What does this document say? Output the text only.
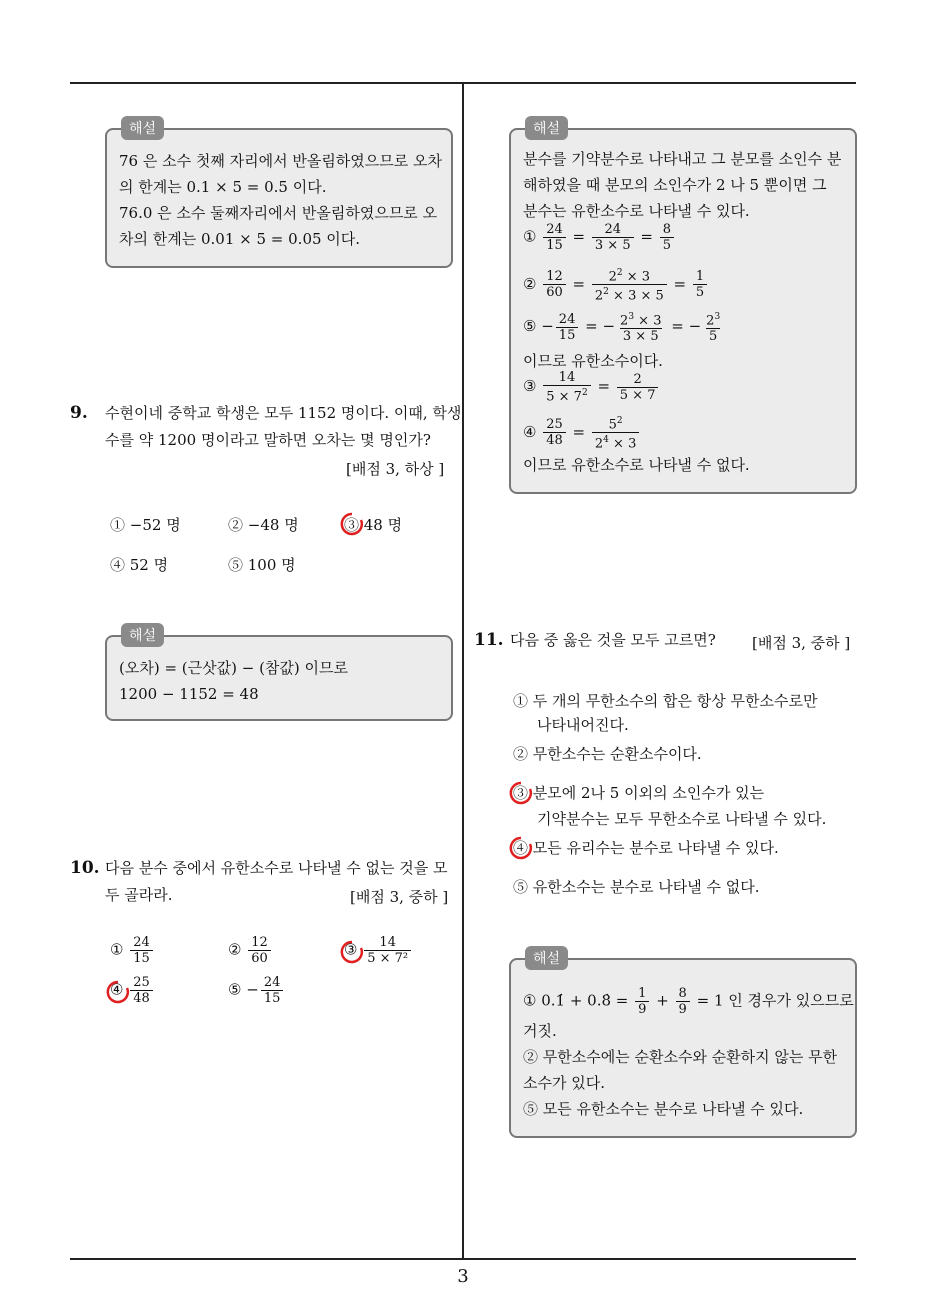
3
해설
76 은 소수 첫째 자리에서 반올림하였으므로 오차
의 한계는 0.1 × 5 = 0.5 이다.
76.0 은 소수 둘째자리에서 반올림하였으므로 오
차의 한계는 0.01 × 5 = 0.05 이다.
9. 수현이네 중학교 학생은 모두 1152 명이다. 이때, 학생
수를 약 1200 명이라고 말하면 오차는 몇 명인가?
[배점 3, 하상 ]
① −52 명	② −48 명	③ 48 명
④ 52 명	⑤ 100 명
해설
(오차) = (근삿값) − (참값) 이므로
1200 − 1152 = 48
10. 다음 분수 중에서 유한소수로 나타낼 수 없는 것을 모
두 골라라.	[배점 3, 중하 ]
① $\frac{24}{15}$	② $\frac{12}{60}$	③ $\frac{14}{\text{5 × 7²}}$
④ $\frac{25}{48}$	⑤ − $\frac{24}{15}$
해설
분수를 기약분수로 나타내고 그 분모를 소인수 분
해하였을 때 분모의 소인수가 2 나 5 뿐이면 그
분수는 유한소수로 나타낼 수 있다.
① $\frac{24}{15} = \frac{24}{3 \times 5} = \frac{8}{5}$
② $\frac{12}{60} = \frac{2^2 \times 3}{2^2 \times 3 \times 5} = \frac{1}{5}$
⑤ − $\frac{24}{15}$ = − $\frac{2^3 \times 3}{3 \times 5}$ = − $\frac{2^3}{5}$
이므로 유한소수이다.
③ $\frac{14}{5 \times 7^2} = \frac{2}{5 \times 7}$
④ $\frac{25}{48} = \frac{5^2}{2^4 \times 3}$
이므로 유한소수로 나타낼 수 없다.
11. 다음 중 옳은 것을 모두 고르면? [배점 3, 중하 ]
① 두 개의 무한소수의 합은 항상 무한소수로만
나타내어진다.
② 무한소수는 순환소수이다.
③ 분모에 2나 5 이외의 소인수가 있는
기약분수는 모두 무한소수로 나타낼 수 있다.
④ 모든 유리수는 분수로 나타낼 수 있다.
⑤ 유한소수는 분수로 나타낼 수 없다.
해설
① 0.1̇ + 0.8̇ = $\frac{1}{9} + \frac{8}{9} = 1$ 인 경우가 있으므로
거짓.
② 무한소수에는 순환소수와 순환하지 않는 무한
소수가 있다.
⑤ 모든 유한소수는 분수로 나타낼 수 있다.
